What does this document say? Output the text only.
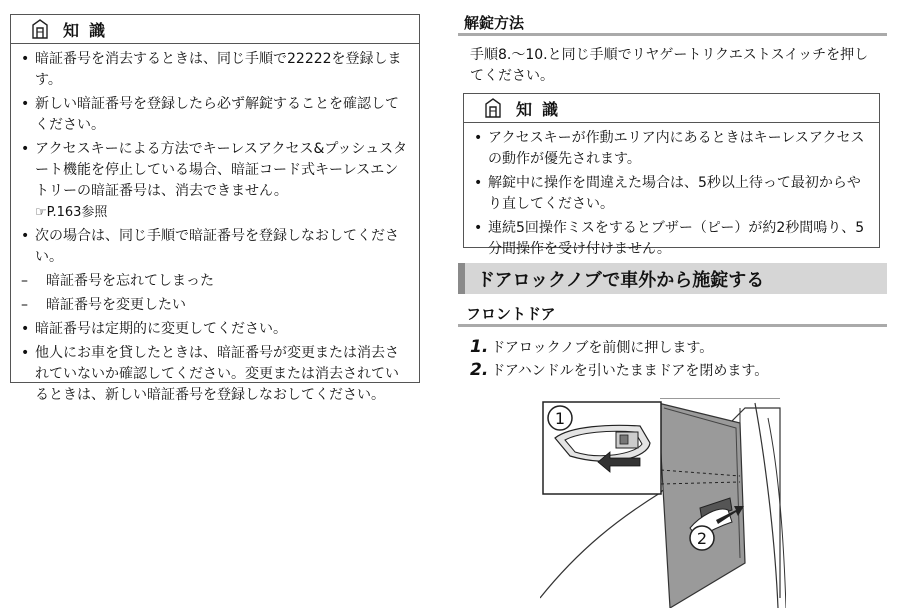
知識
• 暗証番号を消去するときは、同じ手順で22222を登録します。
• 新しい暗証番号を登録したら必ず解錠することを確認してください。
• アクセスキーによる方法でキーレスアクセス&プッシュスタート機能を停止している場合、暗証コード式キーレスエントリーの暗証番号は、消去できません。
☞P.163参照
• 次の場合は、同じ手順で暗証番号を登録しなおしてください。
– 暗証番号を忘れてしまった
– 暗証番号を変更したい
• 暗証番号は定期的に変更してください。
• 他人にお車を貸したときは、暗証番号が変更または消去されていないか確認してください。変更または消去されているときは、新しい暗証番号を登録しなおしてください。
解錠方法
手順8.～10.と同じ手順でリヤゲートリクエストスイッチを押してください。
知識
• アクセスキーが作動エリア内にあるときはキーレスアクセスの動作が優先されます。
• 解錠中に操作を間違えた場合は、5秒以上待って最初からやり直してください。
• 連続5回操作ミスをするとブザー（ピー）が約2秒間鳴り、5分間操作を受け付けません。
ドアロックノブで車外から施錠する
フロントドア
1. ドアロックノブを前側に押します。
2. ドアハンドルを引いたままドアを閉めます。
1
2
